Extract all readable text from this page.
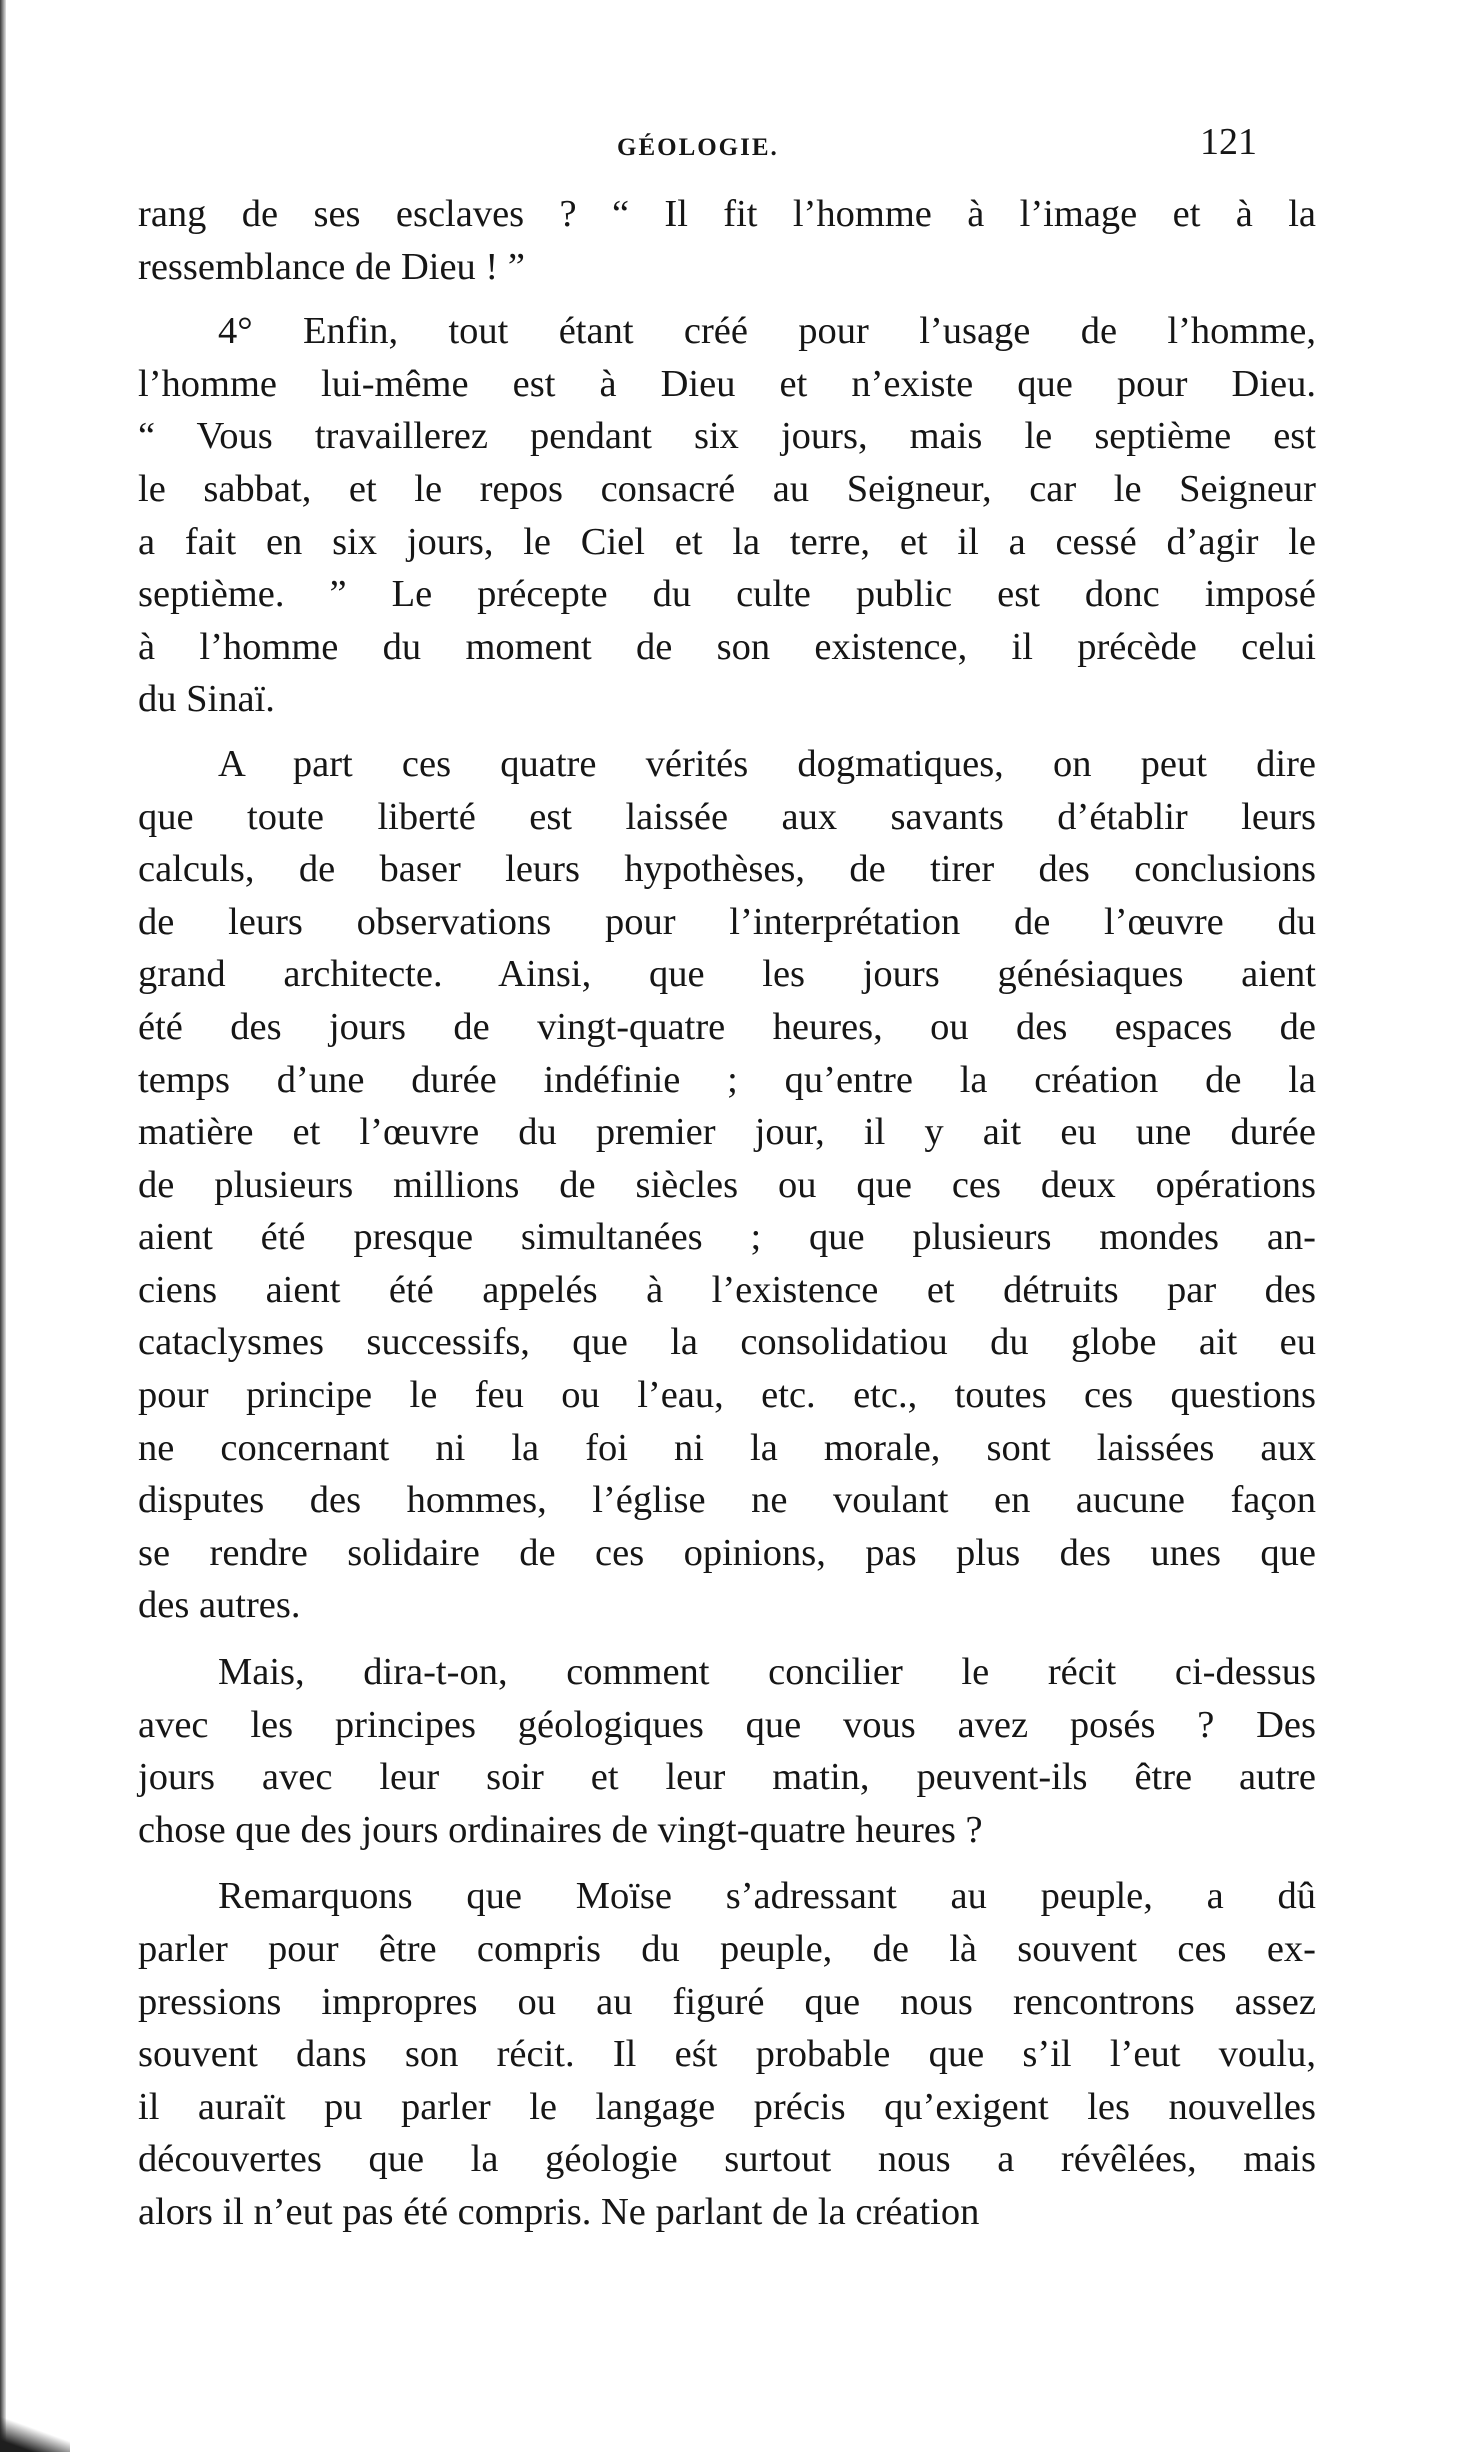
GÉOLOGIE.	121
rang de ses esclaves ? “ Il fit l’homme à l’image et à la
ressemblance de Dieu ! ”
4° Enfin, tout étant créé pour l’usage de l’homme,
l’homme lui-même est à Dieu et n’existe que pour Dieu.
“ Vous travaillerez pendant six jours, mais le septième est
le sabbat, et le repos consacré au Seigneur, car le Seigneur
a fait en six jours, le Ciel et la terre, et il a cessé d’agir le
septième. ” Le précepte du culte public est donc imposé
à l’homme du moment de son existence, il précède celui
du Sinaï.
A part ces quatre vérités dogmatiques, on peut dire
que toute liberté est laissée aux savants d’établir leurs
calculs, de baser leurs hypothèses, de tirer des conclusions
de leurs observations pour l’interprétation de l’œuvre du
grand architecte. Ainsi, que les jours génésiaques aient
été des jours de vingt-quatre heures, ou des espaces de
temps d’une durée indéfinie ; qu’entre la création de la
matière et l’œuvre du premier jour, il y ait eu une durée
de plusieurs millions de siècles ou que ces deux opérations
aient été presque simultanées ; que plusieurs mondes an-
ciens aient été appelés à l’existence et détruits par des
cataclysmes successifs, que la consolidatiou du globe ait eu
pour principe le feu ou l’eau, etc. etc., toutes ces questions
ne concernant ni la foi ni la morale, sont laissées aux
disputes des hommes, l’église ne voulant en aucune façon
se rendre solidaire de ces opinions, pas plus des unes que
des autres.
Mais, dira-t-on, comment concilier le récit ci-dessus
avec les principes géologiques que vous avez posés ? Des
jours avec leur soir et leur matin, peuvent-ils être autre
chose que des jours ordinaires de vingt-quatre heures ?
Remarquons que Moïse s’adressant au peuple, a dû
parler pour être compris du peuple, de là souvent ces ex-
pressions impropres ou au figuré que nous rencontrons assez
souvent dans son récit. Il eśt probable que s’il l’eut voulu,
il auraït pu parler le langage précis qu’exigent les nouvelles
découvertes que la géologie surtout nous a révêlées, mais
alors il n’eut pas été compris. Ne parlant de la création
